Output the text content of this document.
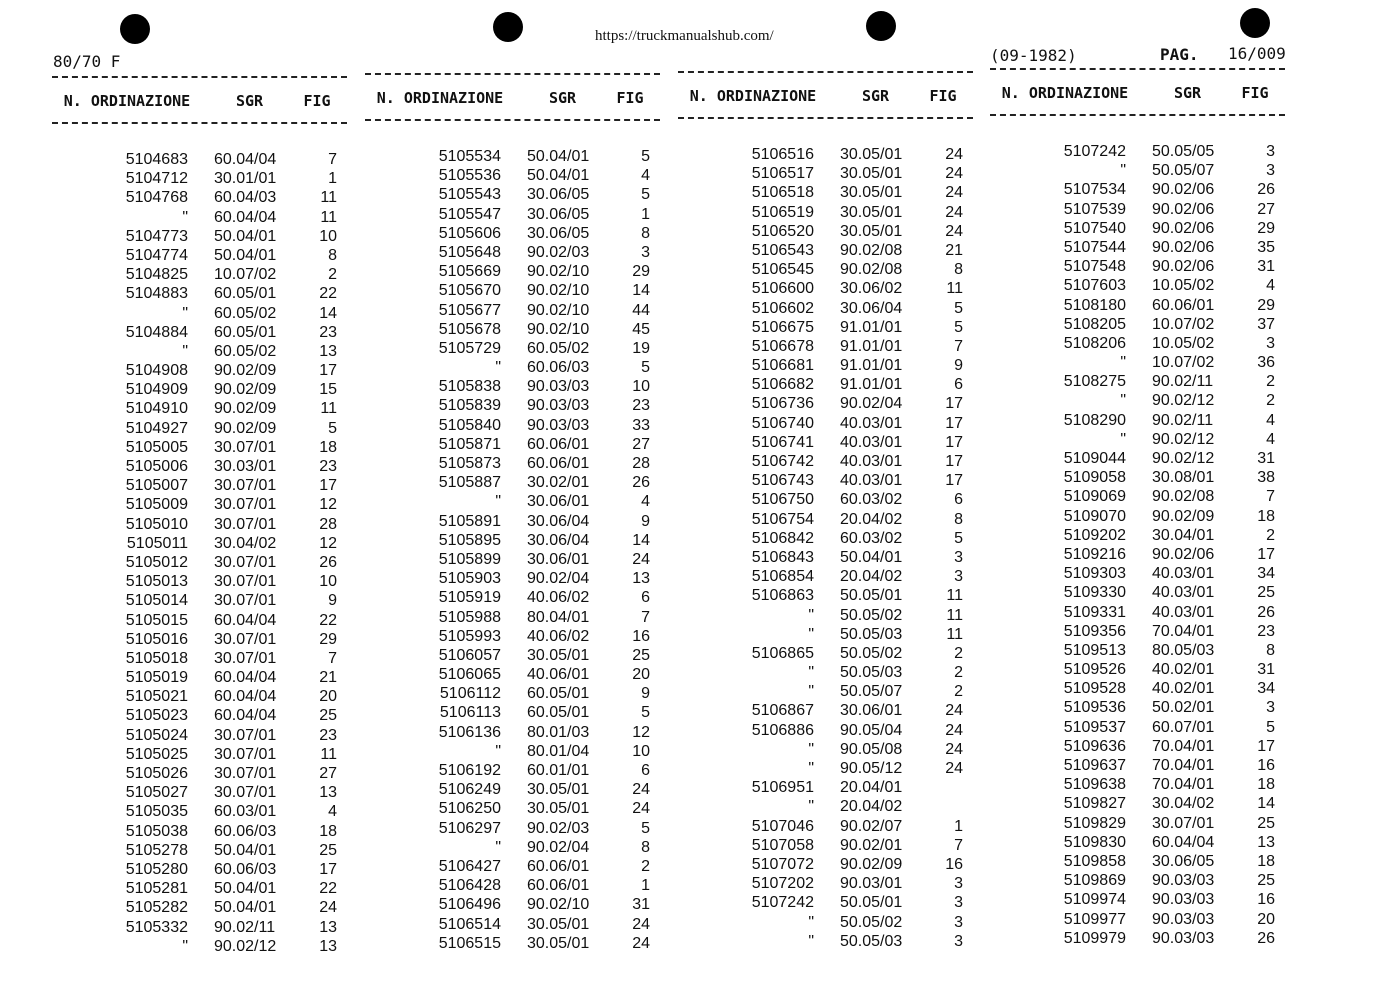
https://truckmanualshub.com/
80/70 F	(09-1982)	PAG. 16/009
N. ORDINAZIONE	SGR	FIG
5104683	60.04/04	7
5104712	30.01/01	1
5104768	60.04/03	11
"	60.04/04	11
5104773	50.04/01	10
5104774	50.04/01	8
5104825	10.07/02	2
5104883	60.05/01	22
"	60.05/02	14
5104884	60.05/01	23
"	60.05/02	13
5104908	90.02/09	17
5104909	90.02/09	15
5104910	90.02/09	11
5104927	90.02/09	5
5105005	30.07/01	18
5105006	30.03/01	23
5105007	30.07/01	17
5105009	30.07/01	12
5105010	30.07/01	28
5105011	30.04/02	12
5105012	30.07/01	26
5105013	30.07/01	10
5105014	30.07/01	9
5105015	60.04/04	22
5105016	30.07/01	29
5105018	30.07/01	7
5105019	60.04/04	21
5105021	60.04/04	20
5105023	60.04/04	25
5105024	30.07/01	23
5105025	30.07/01	11
5105026	30.07/01	27
5105027	30.07/01	13
5105035	60.03/01	4
5105038	60.06/03	18
5105278	50.04/01	25
5105280	60.06/03	17
5105281	50.04/01	22
5105282	50.04/01	24
5105332	90.02/11	13
"	90.02/12	13
N. ORDINAZIONE	SGR	FIG
5105534	50.04/01	5
5105536	50.04/01	4
5105543	30.06/05	5
5105547	30.06/05	1
5105606	30.06/05	8
5105648	90.02/03	3
5105669	90.02/10	29
5105670	90.02/10	14
5105677	90.02/10	44
5105678	90.02/10	45
5105729	60.05/02	19
"	60.06/03	5
5105838	90.03/03	10
5105839	90.03/03	23
5105840	90.03/03	33
5105871	60.06/01	27
5105873	60.06/01	28
5105887	30.02/01	26
"	30.06/01	4
5105891	30.06/04	9
5105895	30.06/04	14
5105899	30.06/01	24
5105903	90.02/04	13
5105919	40.06/02	6
5105988	80.04/01	7
5105993	40.06/02	16
5106057	30.05/01	25
5106065	40.06/01	20
5106112	60.05/01	9
5106113	60.05/01	5
5106136	80.01/03	12
"	80.01/04	10
5106192	60.01/01	6
5106249	30.05/01	24
5106250	30.05/01	24
5106297	90.02/03	5
"	90.02/04	8
5106427	60.06/01	2
5106428	60.06/01	1
5106496	90.02/10	31
5106514	30.05/01	24
5106515	30.05/01	24
N. ORDINAZIONE	SGR	FIG
5106516	30.05/01	24
5106517	30.05/01	24
5106518	30.05/01	24
5106519	30.05/01	24
5106520	30.05/01	24
5106543	90.02/08	21
5106545	90.02/08	8
5106600	30.06/02	11
5106602	30.06/04	5
5106675	91.01/01	5
5106678	91.01/01	7
5106681	91.01/01	9
5106682	91.01/01	6
5106736	90.02/04	17
5106740	40.03/01	17
5106741	40.03/01	17
5106742	40.03/01	17
5106743	40.03/01	17
5106750	60.03/02	6
5106754	20.04/02	8
5106842	60.03/02	5
5106843	50.04/01	3
5106854	20.04/02	3
5106863	50.05/01	11
"	50.05/02	11
"	50.05/03	11
5106865	50.05/02	2
"	50.05/03	2
"	50.05/07	2
5106867	30.06/01	24
5106886	90.05/04	24
"	90.05/08	24
"	90.05/12	24
5106951	20.04/01
"	20.04/02
5107046	90.02/07	1
5107058	90.02/01	7
5107072	90.02/09	16
5107202	90.03/01	3
5107242	50.05/01	3
"	50.05/02	3
"	50.05/03	3
N. ORDINAZIONE	SGR	FIG
5107242	50.05/05	3
"	50.05/07	3
5107534	90.02/06	26
5107539	90.02/06	27
5107540	90.02/06	29
5107544	90.02/06	35
5107548	90.02/06	31
5107603	10.05/02	4
5108180	60.06/01	29
5108205	10.07/02	37
5108206	10.05/02	3
"	10.07/02	36
5108275	90.02/11	2
"	90.02/12	2
5108290	90.02/11	4
"	90.02/12	4
5109044	90.02/12	31
5109058	30.08/01	38
5109069	90.02/08	7
5109070	90.02/09	18
5109202	30.04/01	2
5109216	90.02/06	17
5109303	40.03/01	34
5109330	40.03/01	25
5109331	40.03/01	26
5109356	70.04/01	23
5109513	80.05/03	8
5109526	40.02/01	31
5109528	40.02/01	34
5109536	50.02/01	3
5109537	60.07/01	5
5109636	70.04/01	17
5109637	70.04/01	16
5109638	70.04/01	18
5109827	30.04/02	14
5109829	30.07/01	25
5109830	60.04/04	13
5109858	30.06/05	18
5109869	90.03/03	25
5109974	90.03/03	16
5109977	90.03/03	20
5109979	90.03/03	26
